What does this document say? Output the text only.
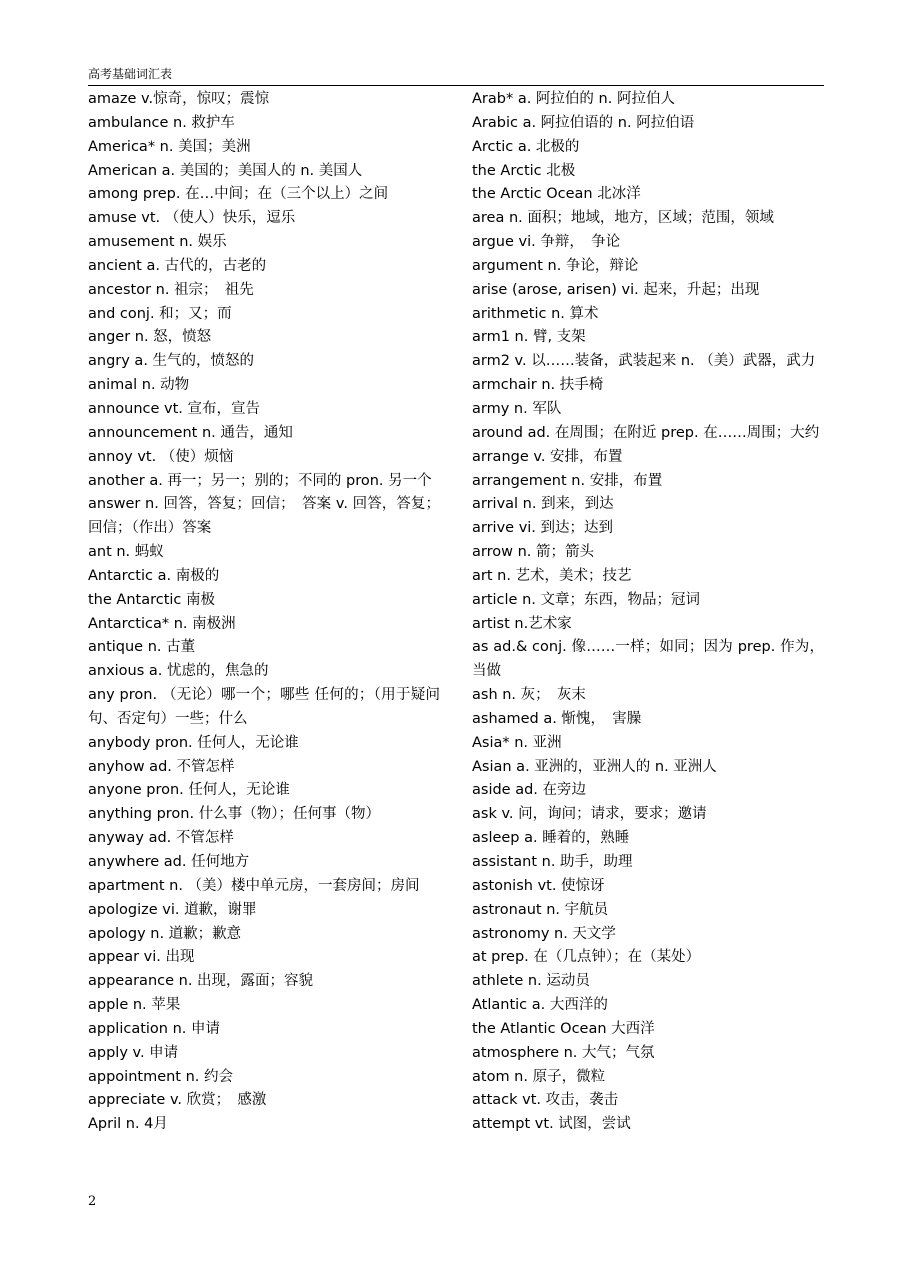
高考基础词汇表
amaze v.惊奇，惊叹；震惊
ambulance n. 救护车
America* n. 美国；美洲
American a. 美国的；美国人的 n. 美国人
among prep. 在…中间；在（三个以上）之间
amuse vt. （使人）快乐，逗乐
amusement n. 娱乐
ancient a. 古代的，古老的
ancestor n. 祖宗；　祖先
and conj. 和；又；而
anger n. 怒，愤怒
angry a. 生气的，愤怒的
animal n. 动物
announce vt. 宣布，宣告
announcement n. 通告，通知
annoy vt. （使）烦恼
another a. 再一；另一；别的；不同的 pron. 另一个
answer n. 回答，答复；回信；　答案 v. 回答，答复；回信；（作出）答案
ant n. 蚂蚁
Antarctic a. 南极的
the Antarctic 南极
Antarctica* n. 南极洲
antique n. 古董
anxious a. 忧虑的，焦急的
any pron. （无论）哪一个；哪些 任何的；（用于疑问句、否定句）一些；什么
anybody pron. 任何人，无论谁
anyhow ad. 不管怎样
anyone pron. 任何人，无论谁
anything pron. 什么事（物）；任何事（物）
anyway ad. 不管怎样
anywhere ad. 任何地方
apartment n. （美）楼中单元房，一套房间；房间
apologize vi. 道歉，谢罪
apology n. 道歉；歉意
appear vi. 出现
appearance n. 出现，露面；容貌
apple n. 苹果
application n. 申请
apply v. 申请
appointment n. 约会
appreciate v. 欣赏；　感激
April n. 4月
Arab* a. 阿拉伯的 n. 阿拉伯人
Arabic a. 阿拉伯语的 n. 阿拉伯语
Arctic a. 北极的
the Arctic 北极
the Arctic Ocean 北冰洋
area n. 面积；地域，地方，区域；范围，领域
argue vi. 争辩，　争论
argument n. 争论，辩论
arise (arose, arisen) vi. 起来，升起；出现
arithmetic n. 算术
arm1 n. 臂, 支架
arm2 v. 以……装备，武装起来 n. （美）武器，武力
armchair n. 扶手椅
army n. 军队
around ad. 在周围；在附近 prep. 在……周围；大约
arrange v. 安排，布置
arrangement n. 安排，布置
arrival n. 到来，到达
arrive vi. 到达；达到
arrow n. 箭；箭头
art n. 艺术，美术；技艺
article n. 文章；东西，物品；冠词
artist n.艺术家
as ad.& conj. 像……一样；如同；因为 prep. 作为，当做
ash n. 灰；　灰末
ashamed a. 惭愧，　害臊
Asia* n. 亚洲
Asian a. 亚洲的，亚洲人的 n. 亚洲人
aside ad. 在旁边
ask v. 问，询问；请求，要求；邀请
asleep a. 睡着的，熟睡
assistant n. 助手，助理
astonish vt. 使惊讶
astronaut n. 宇航员
astronomy n. 天文学
at prep. 在（几点钟）；在（某处）
athlete n. 运动员
Atlantic a. 大西洋的
the Atlantic Ocean 大西洋
atmosphere n. 大气；气氛
atom n. 原子，微粒
attack vt. 攻击，袭击
attempt vt. 试图，尝试
2
